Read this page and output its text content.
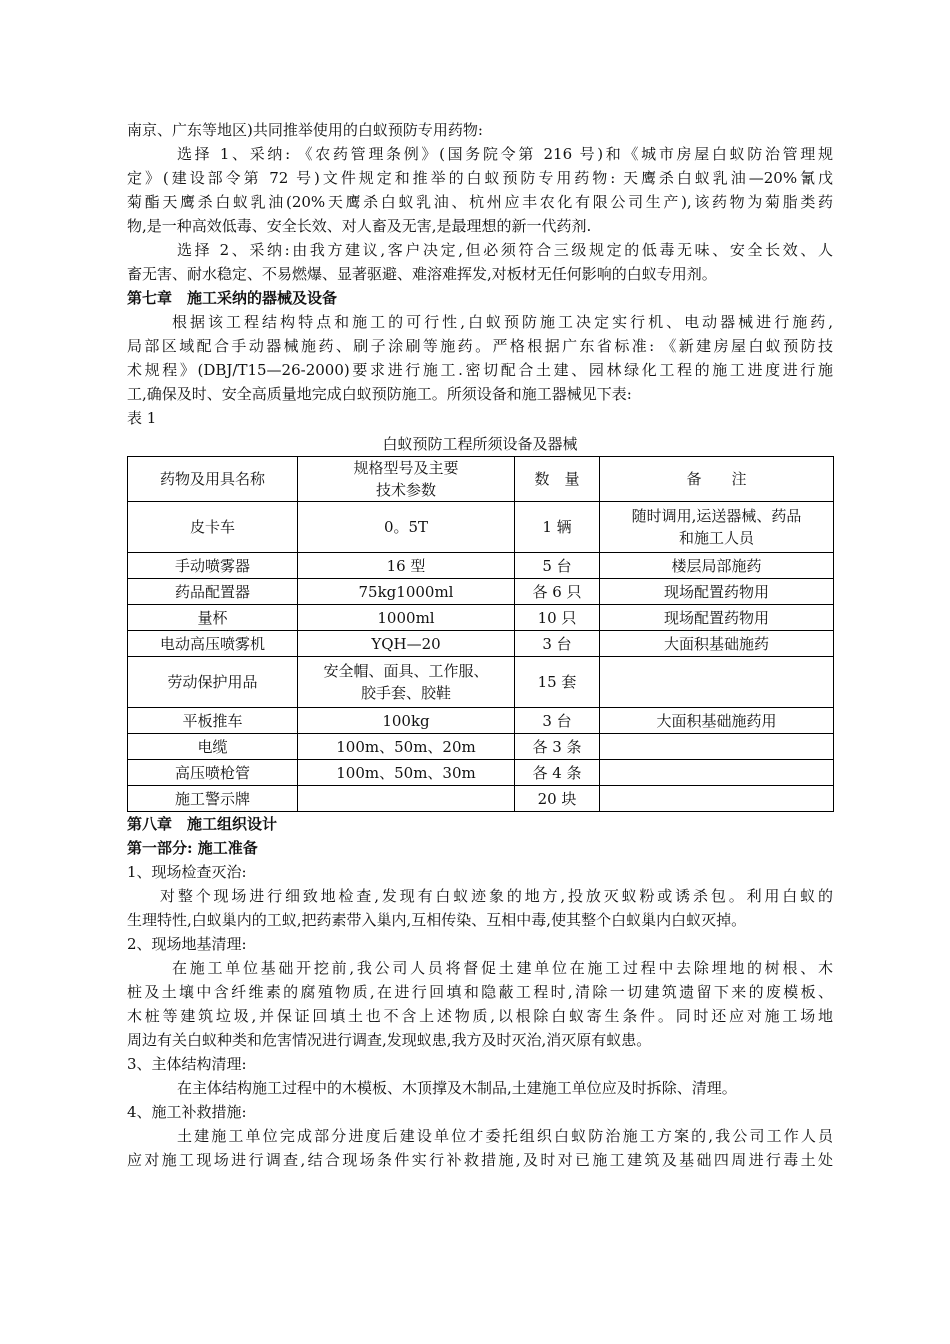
南京、广东等地区)共同推举使用的白蚁预防专用药物:
选择 1、采纳: 《农药管理条例》(国务院令第 216 号)和《城市房屋白蚁防治管理规
定》(建设部令第 72 号)文件规定和推举的白蚁预防专用药物: 天鹰杀白蚁乳油—20%氰戊
菊酯天鹰杀白蚁乳油(20%天鹰杀白蚁乳油、杭州应丰农化有限公司生产),该药物为菊脂类药
物,是一种高效低毒、安全长效、对人畜及无害,是最理想的新一代药剂.
选择 2、采纳:由我方建议,客户决定,但必须符合三级规定的低毒无味、安全长效、人
畜无害、耐水稳定、不易燃爆、显著驱避、难溶难挥发,对板材无任何影响的白蚁专用剂。
第七章　施工采纳的器械及设备
根据该工程结构特点和施工的可行性,白蚁预防施工决定实行机、电动器械进行施药,
局部区域配合手动器械施药、刷子涂刷等施药。严格根据广东省标准: 《新建房屋白蚁预防技
术规程》(DBJ/T15—26-2000)要求进行施工.密切配合土建、园林绿化工程的施工进度进行施
工,确保及时、安全高质量地完成白蚁预防施工。所须设备和施工器械见下表:
表 1
白蚁预防工程所须设备及器械
药物及用具名称	规格型号及主要
技术参数	数　量	备　　注

皮卡车	0。5T	1 辆	随时调用,运送器械、药品
和施工人员

手动喷雾器	16 型	5 台	楼层局部施药

药品配置器	75kg1000ml	各 6 只	现场配置药物用

量杯	1000ml	10 只	现场配置药物用

电动高压喷雾机	YQH—20	3 台	大面积基础施药

劳动保护用品	安全帽、面具、工作服、
胶手套、胶鞋	15 套	

平板推车	100kg	3 台	大面积基础施药用

电缆	100m、50m、20m	各 3 条	

高压喷枪管	100m、50m、30m	各 4 条	

施工警示牌		20 块	

第八章　施工组织设计
第一部分: 施工准备
1、现场检查灭治:
对整个现场进行细致地检查,发现有白蚁迹象的地方,投放灭蚁粉或诱杀包。利用白蚁的
生理特性,白蚁巢内的工蚁,把药素带入巢内,互相传染、互相中毒,使其整个白蚁巢内白蚁灭掉。
2、现场地基清理:
在施工单位基础开挖前,我公司人员将督促土建单位在施工过程中去除埋地的树根、木
桩及土壤中含纤维素的腐殖物质,在进行回填和隐蔽工程时,清除一切建筑遗留下来的废模板、
木桩等建筑垃圾,并保证回填土也不含上述物质,以根除白蚁寄生条件。同时还应对施工场地
周边有关白蚁种类和危害情况进行调查,发现蚁患,我方及时灭治,消灭原有蚁患。
3、主体结构清理:
在主体结构施工过程中的木模板、木顶撑及木制品,土建施工单位应及时拆除、清理。
4、施工补救措施:
土建施工单位完成部分进度后建设单位才委托组织白蚁防治施工方案的,我公司工作人员
应对施工现场进行调查,结合现场条件实行补救措施,及时对已施工建筑及基础四周进行毒土处
